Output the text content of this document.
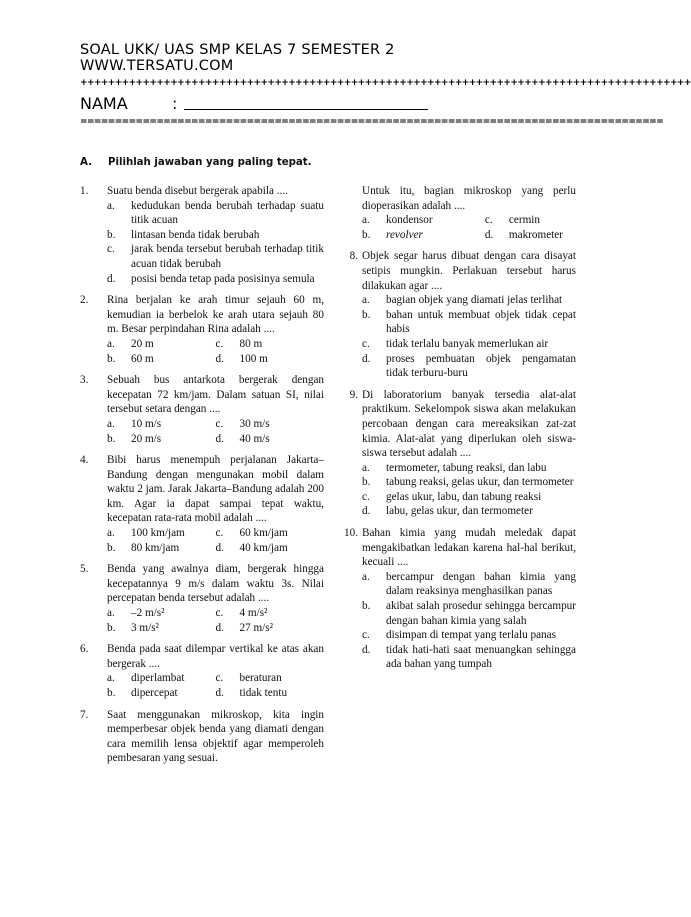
SOAL UKK/ UAS SMP KELAS 7 SEMESTER 2
WWW.TERSATU.COM
++++++++++++++++++++++++++++++++++++++++++++++++++++++++++++++++++++++++++++++++++++++++
NAMA	:
====================================================================================
A. Pilihlah jawaban yang paling tepat.
1. Suatu benda disebut bergerak apabila ....
a. kedudukan benda berubah terhadap suatu titik acuan
b. lintasan benda tidak berubah
c. jarak benda tersebut berubah terhadap titik acuan tidak berubah
d. posisi benda tetap pada posisinya semula
2. Rina berjalan ke arah timur sejauh 60 m, kemudian ia berbelok ke arah utara sejauh 80 m. Besar perpindahan Rina adalah ....
a. 20 m	c. 80 m
b. 60 m	d. 100 m
3. Sebuah bus antarkota bergerak dengan kecepatan 72 km/jam. Dalam satuan SI, nilai tersebut setara dengan ....
a. 10 m/s	c. 30 m/s
b. 20 m/s	d. 40 m/s
4. Bibi harus menempuh perjalanan Jakarta–Bandung dengan mengunakan mobil dalam waktu 2 jam. Jarak Jakarta–Bandung adalah 200 km. Agar ia dapat sampai tepat waktu, kecepatan rata-rata mobil adalah ....
a. 100 km/jam	c. 60 km/jam
b. 80 km/jam	d. 40 km/jam
5. Benda yang awalnya diam, bergerak hingga kecepatannya 9 m/s dalam waktu 3s. Nilai percepatan benda tersebut adalah ....
a. –2 m/s²	c. 4 m/s²
b. 3 m/s²	d. 27 m/s²
6. Benda pada saat dilempar vertikal ke atas akan bergerak ....
a. diperlambat	c. beraturan
b. dipercepat	d. tidak tentu
7. Saat menggunakan mikroskop, kita ingin memperbesar objek benda yang diamati dengan cara memilih lensa objektif agar memperoleh pembesaran yang sesuai.
Untuk itu, bagian mikroskop yang perlu dioperasikan adalah ....
a. kondensor	c. cermin
b. revolver	d. makrometer
8. Objek segar harus dibuat dengan cara disayat setipis mungkin. Perlakuan tersebut harus dilakukan agar ....
a. bagian objek yang diamati jelas terlihat
b. bahan untuk membuat objek tidak cepat habis
c. tidak terlalu banyak memerlukan air
d. proses pembuatan objek pengamatan tidak terburu-buru
9. Di laboratorium banyak tersedia alat-alat praktikum. Sekelompok siswa akan melakukan percobaan dengan cara mereaksikan zat-zat kimia. Alat-alat yang diperlukan oleh siswa-siswa tersebut adalah ....
a. termometer, tabung reaksi, dan labu
b. tabung reaksi, gelas ukur, dan termometer
c. gelas ukur, labu, dan tabung reaksi
d. labu, gelas ukur, dan termometer
10. Bahan kimia yang mudah meledak dapat mengakibatkan ledakan karena hal-hal berikut, kecuali ....
a. bercampur dengan bahan kimia yang dalam reaksinya menghasilkan panas
b. akibat salah prosedur sehingga bercampur dengan bahan kimia yang salah
c. disimpan di tempat yang terlalu panas
d. tidak hati-hati saat menuangkan sehingga ada bahan yang tumpah
